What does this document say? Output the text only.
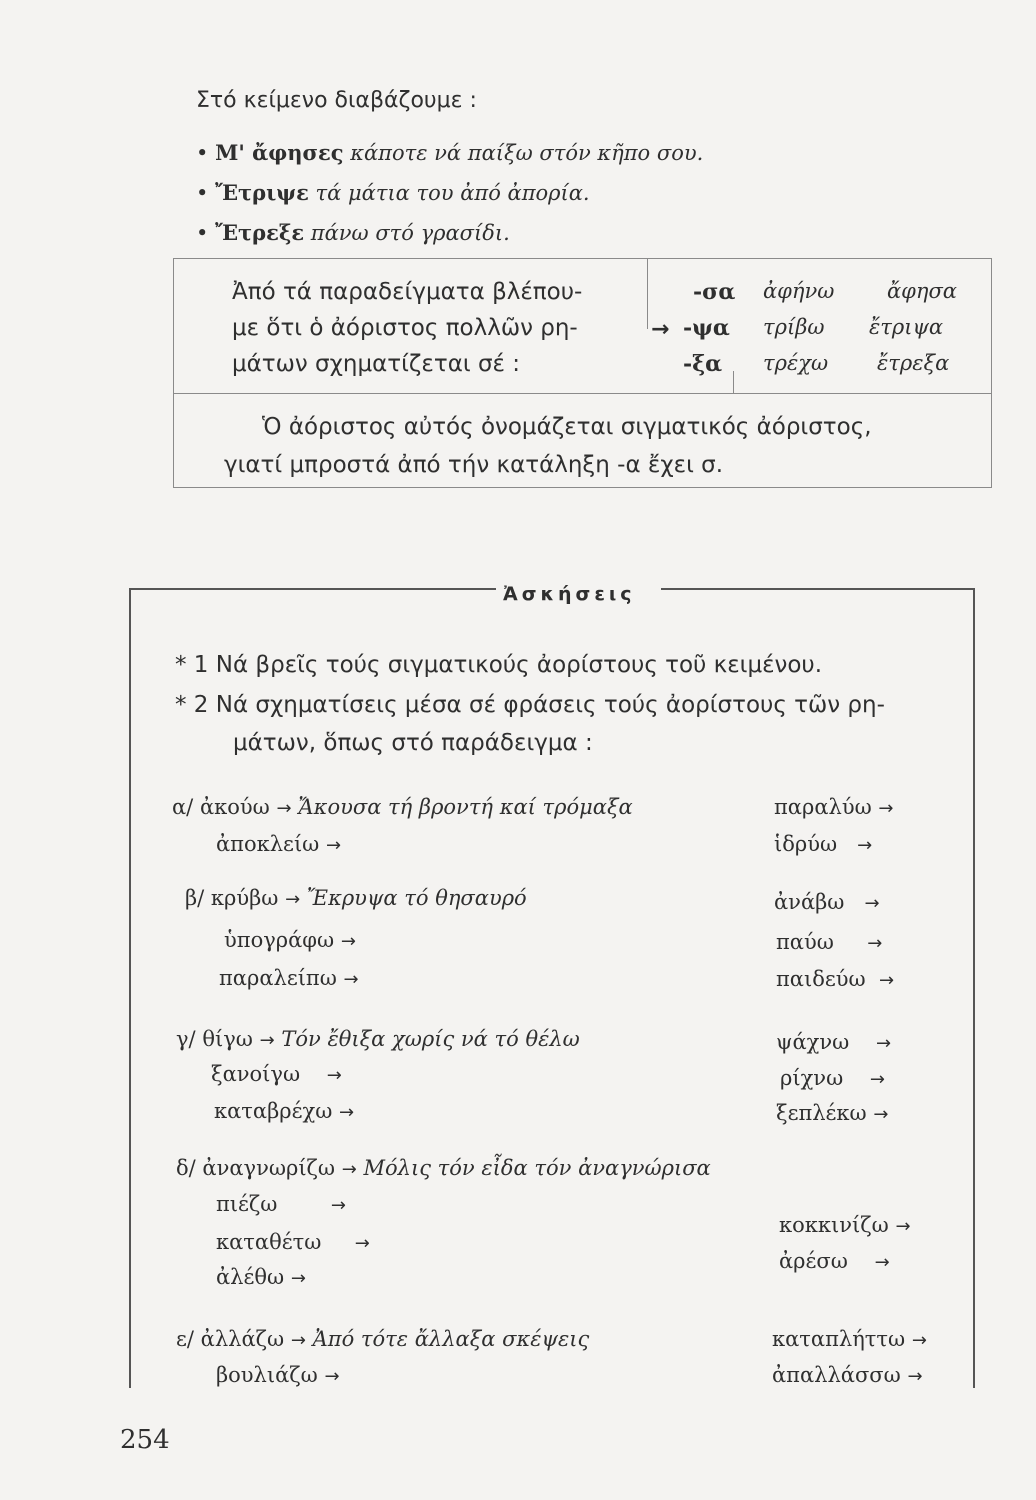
Στό κείμενο διαβάζουμε :
• Μ' ἄφησες κάποτε νά παίξω στόν κῆπο σου.
• Ἔτριψε τά μάτια του ἀπό ἀπορία.
• Ἔτρεξε πάνω στό γρασίδι.
Ἀπό τά παραδείγματα βλέπου-
με ὅτι ὁ ἀόριστος πολλῶν ρη-
μάτων σχηματίζεται σέ :
→
-σα
-ψα
-ξα
ἀφήνω
τρίβω
τρέχω
ἄφησα
ἔτριψα
ἔτρεξα
Ὁ ἀόριστος αὐτός ὀνομάζεται σιγματικός ἀόριστος,
γιατί μπροστά ἀπό τήν κατάληξη -α ἔχει σ.
Ἀσκήσεις
* 1 Νά βρεῖς τούς σιγματικούς ἀορίστους τοῦ κειμένου.
* 2 Νά σχηματίσεις μέσα σέ φράσεις τούς ἀορίστους τῶν ρη-
μάτων, ὅπως στό παράδειγμα :
α/ ἀκούω → Ἄκουσα τή βροντή καί τρόμαξα
ἀποκλείω →
παραλύω →
ἱδρύω →
β/ κρύβω → Ἔκρυψα τό θησαυρό
ὑπογράφω →
παραλείπω →
ἀνάβω →
παύω →
παιδεύω →
γ/ θίγω → Τόν ἔθιξα χωρίς νά τό θέλω
ξανοίγω →
καταβρέχω →
ψάχνω →
ρίχνω →
ξεπλέκω →
δ/ ἀναγνωρίζω → Μόλις τόν εἶδα τόν ἀναγνώρισα
πιέζω	→
καταθέτω →
ἀλέθω →
κοκκινίζω →
ἀρέσω →
ε/ ἀλλάζω → Ἀπό τότε ἄλλαξα σκέψεις
βουλιάζω →
καταπλήττω →
ἀπαλλάσσω →
254
